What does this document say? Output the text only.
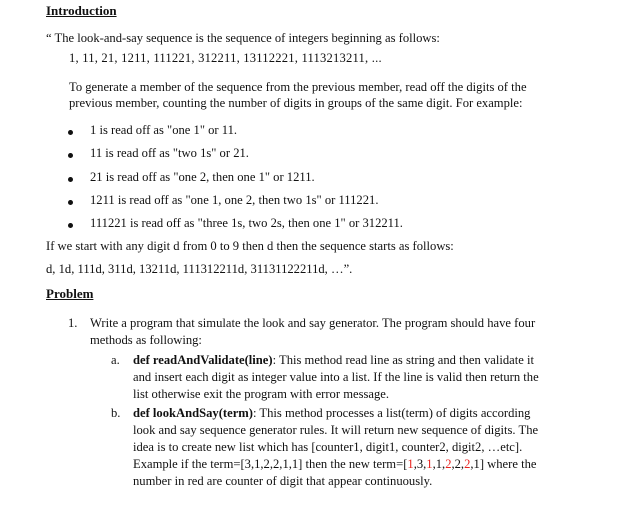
Introduction
“ The look-and-say sequence is the sequence of integers beginning as follows:
1, 11, 21, 1211, 111221, 312211, 13112221, 1113213211, ...
To generate a member of the sequence from the previous member, read off the digits of the
previous member, counting the number of digits in groups of the same digit. For example:
1 is read off as "one 1" or 11.
11 is read off as "two 1s" or 21.
21 is read off as "one 2, then one 1" or 1211.
1211 is read off as "one 1, one 2, then two 1s" or 111221.
111221 is read off as "three 1s, two 2s, then one 1" or 312211.
If we start with any digit d from 0 to 9 then d then the sequence starts as follows:
d, 1d, 111d, 311d, 13211d, 111312211d, 31131122211d, …”.
Problem
1. Write a program that simulate the look and say generator. The program should have four
methods as following:
a. def readAndValidate(line): This method read line as string and then validate it
and insert each digit as integer value into a list. If the line is valid then return the
list otherwise exit the program with error message.
b. def lookAndSay(term): This method processes a list(term) of digits according
look and say sequence generator rules. It will return new sequence of digits. The
idea is to create new list which has [counter1, digit1, counter2, digit2, …etc].
Example if the term=[3,1,2,2,1,1] then the new term=[1,3,1,1,2,2,2,1] where the
number in red are counter of digit that appear continuously.
